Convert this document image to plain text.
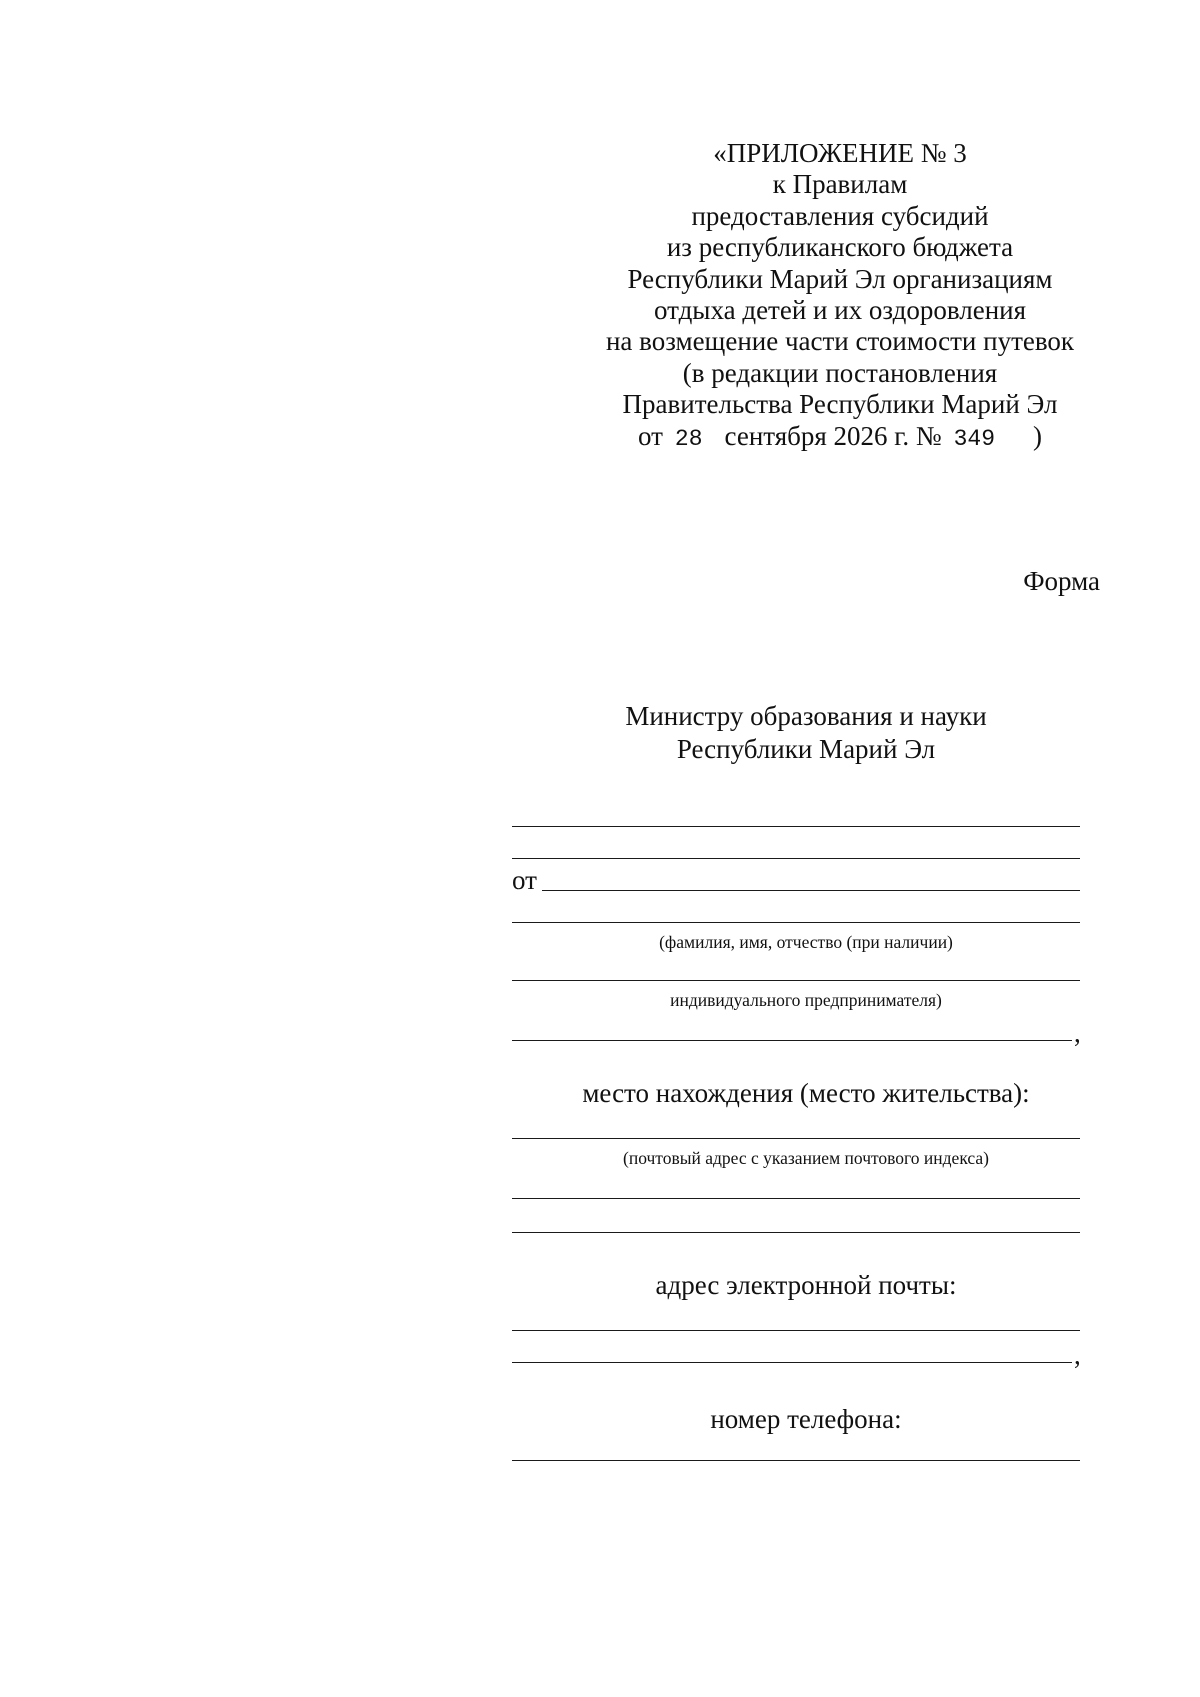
«ПРИЛОЖЕНИЕ № 3
к Правилам
предоставления субсидий
из республиканского бюджета
Республики Марий Эл организациям
отдыха детей и их оздоровления
на возмещение части стоимости путевок
(в редакции постановления
Правительства Республики Марий Эл
от 28 сентября 2026 г. № 349 )
Форма
Министру образования и науки
Республики Марий Эл
от
(фамилия, имя, отчество (при наличии)
индивидуального предпринимателя)
,
место нахождения (место жительства):
(почтовый адрес с указанием почтового индекса)
адрес электронной почты:
,
номер телефона:
